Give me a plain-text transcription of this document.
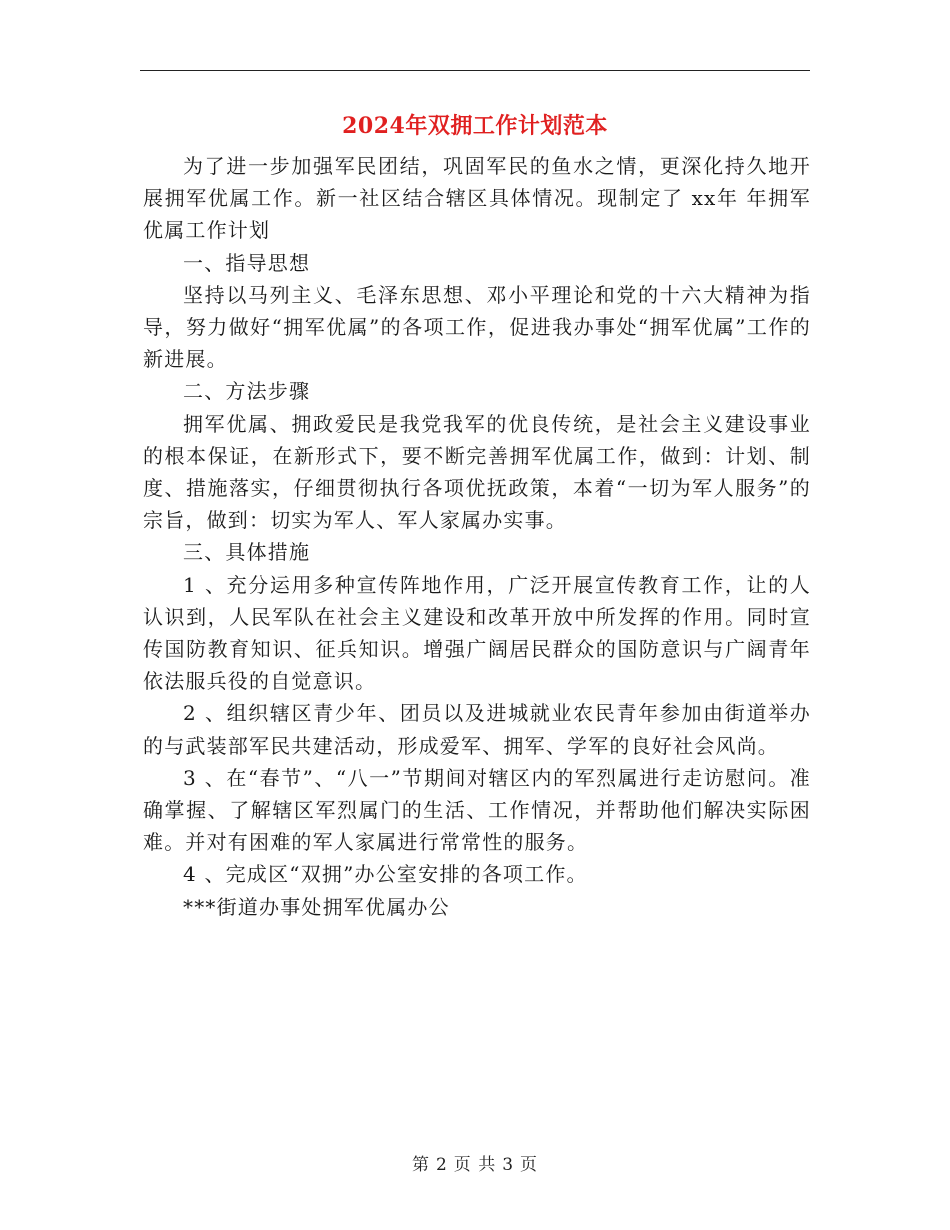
2024年双拥工作计划范本

为了进一步加强军民团结，巩固军民的鱼水之情，更深化持久地开展拥军优属工作。新一社区结合辖区具体情况。现制定了 xx年 年拥军优属工作计划

一、指导思想

坚持以马列主义、毛泽东思想、邓小平理论和党的十六大精神为指导，努力做好“拥军优属”的各项工作，促进我办事处“拥军优属”工作的新进展。

二、方法步骤

拥军优属、拥政爱民是我党我军的优良传统，是社会主义建设事业的根本保证，在新形式下，要不断完善拥军优属工作，做到：计划、制度、措施落实，仔细贯彻执行各项优抚政策，本着“一切为军人服务”的宗旨，做到：切实为军人、军人家属办实事。

三、具体措施

1 、充分运用多种宣传阵地作用，广泛开展宣传教育工作，让的人认识到，人民军队在社会主义建设和改革开放中所发挥的作用。同时宣传国防教育知识、征兵知识。增强广阔居民群众的国防意识与广阔青年依法服兵役的自觉意识。

2 、组织辖区青少年、团员以及进城就业农民青年参加由街道举办的与武装部军民共建活动，形成爱军、拥军、学军的良好社会风尚。

3 、在“春节”、“八一”节期间对辖区内的军烈属进行走访慰问。准确掌握、了解辖区军烈属门的生活、工作情况，并帮助他们解决实际困难。并对有困难的军人家属进行常常性的服务。

4 、完成区“双拥”办公室安排的各项工作。

***街道办事处拥军优属办公

第 2 页 共 3 页
